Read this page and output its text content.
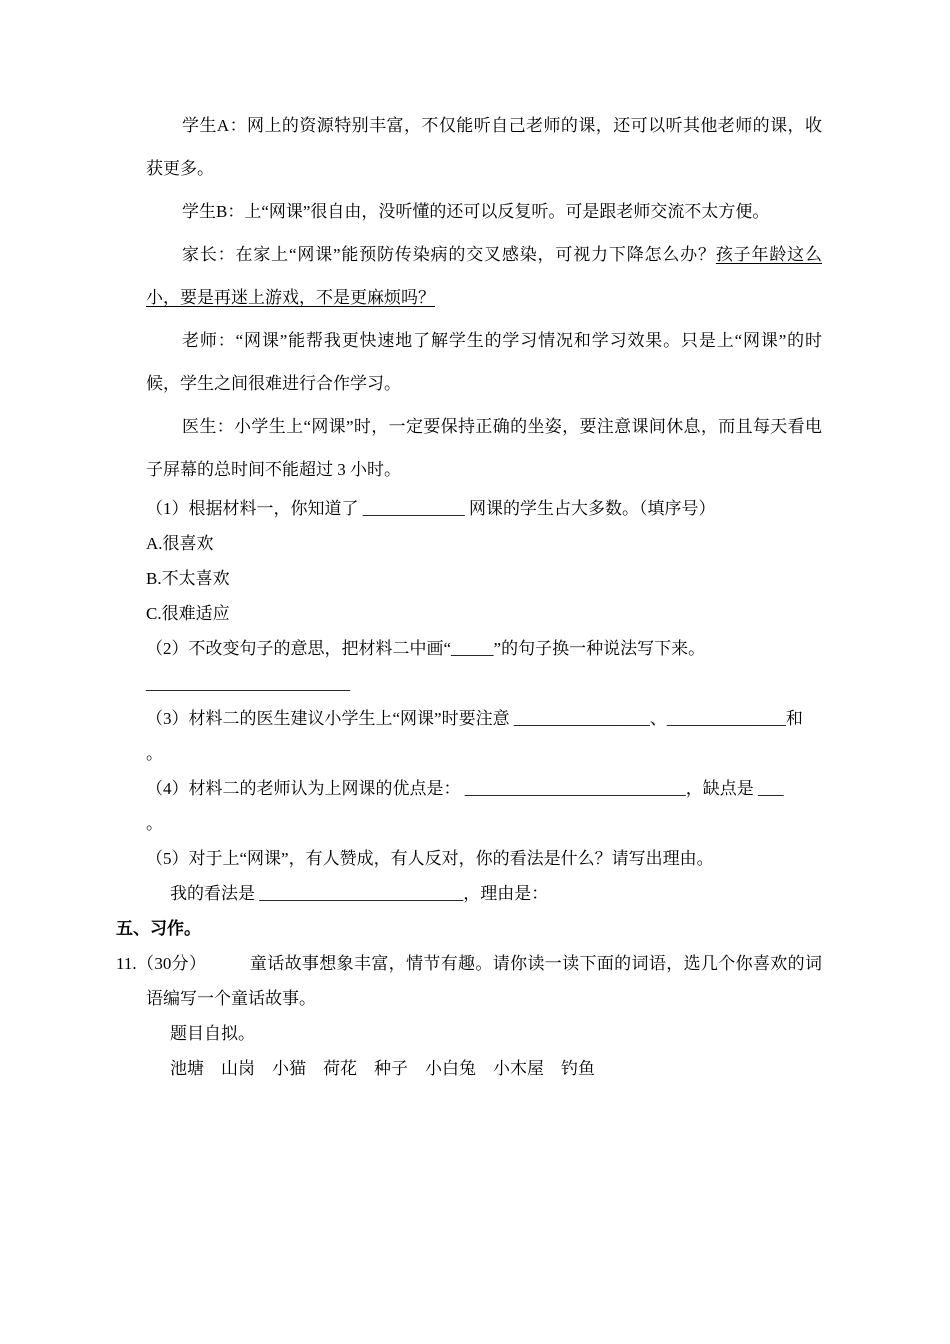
学生A：网上的资源特别丰富，不仅能听自己老师的课，还可以听其他老师的课，收获更多。

学生B：上“网课”很自由，没听懂的还可以反复听。可是跟老师交流不太方便。

家长：在家上“网课”能预防传染病的交叉感染，可视力下降怎么办？孩子年龄这么小，要是再迷上游戏，不是更麻烦吗？

老师：“网课”能帮我更快速地了解学生的学习情况和学习效果。只是上“网课”的时候，学生之间很难进行合作学习。

医生：小学生上“网课”时，一定要保持正确的坐姿，要注意课间休息，而且每天看电子屏幕的总时间不能超过 3 小时。

（1）根据材料一，你知道了 ____________ 网课的学生占大多数。（填序号）

A.很喜欢

B.不太喜欢

C.很难适应

（2）不改变句子的意思，把材料二中画“_____”的句子换一种说法写下来。

________________________

（3）材料二的医生建议小学生上“网课”时要注意 ________________、______________和

。

（4）材料二的老师认为上网课的优点是： __________________________，缺点是 ___

。

（5）对于上“网课”，有人赞成，有人反对，你的看法是什么？请写出理由。

我的看法是 ________________________，理由是：

五、习作。

11.（30分）　　　童话故事想象丰富，情节有趣。请你读一读下面的词语，选几个你喜欢的词语编写一个童话故事。

题目自拟。

池塘　山岗　小猫　荷花　种子　小白兔　小木屋　钓鱼
